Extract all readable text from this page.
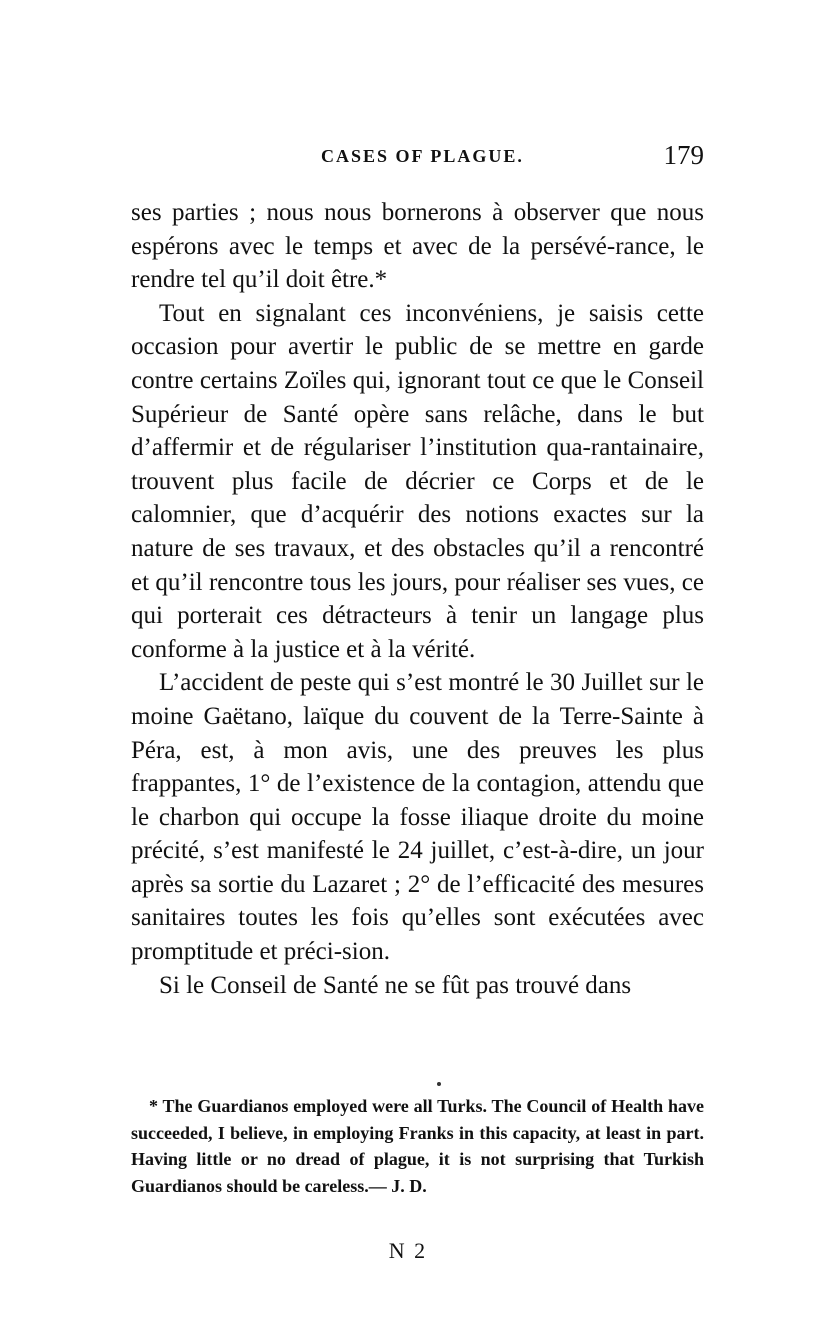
CASES OF PLAGUE.	179

ses parties ; nous nous bornerons à observer que nous espérons avec le temps et avec de la persévé-rance, le rendre tel qu’il doit être.*

Tout en signalant ces inconvéniens, je saisis cette occasion pour avertir le public de se mettre en garde contre certains Zoïles qui, ignorant tout ce que le Conseil Supérieur de Santé opère sans relâche, dans le but d’affermir et de régulariser l’institution qua-rantainaire, trouvent plus facile de décrier ce Corps et de le calomnier, que d’acquérir des notions exactes sur la nature de ses travaux, et des obstacles qu’il a rencontré et qu’il rencontre tous les jours, pour réaliser ses vues, ce qui porterait ces détracteurs à tenir un langage plus conforme à la justice et à la vérité.

L’accident de peste qui s’est montré le 30 Juillet sur le moine Gaëtano, laïque du couvent de la Terre-Sainte à Péra, est, à mon avis, une des preuves les plus frappantes, 1° de l’existence de la contagion, attendu que le charbon qui occupe la fosse iliaque droite du moine précité, s’est manifesté le 24 juillet, c’est-à-dire, un jour après sa sortie du Lazaret ; 2° de l’efficacité des mesures sanitaires toutes les fois qu’elles sont exécutées avec promptitude et préci-sion.

Si le Conseil de Santé ne se fût pas trouvé dans

* The Guardianos employed were all Turks. The Council of Health have succeeded, I believe, in employing Franks in this capacity, at least in part. Having little or no dread of plague, it is not surprising that Turkish Guardianos should be careless.— J. D.

N 2
